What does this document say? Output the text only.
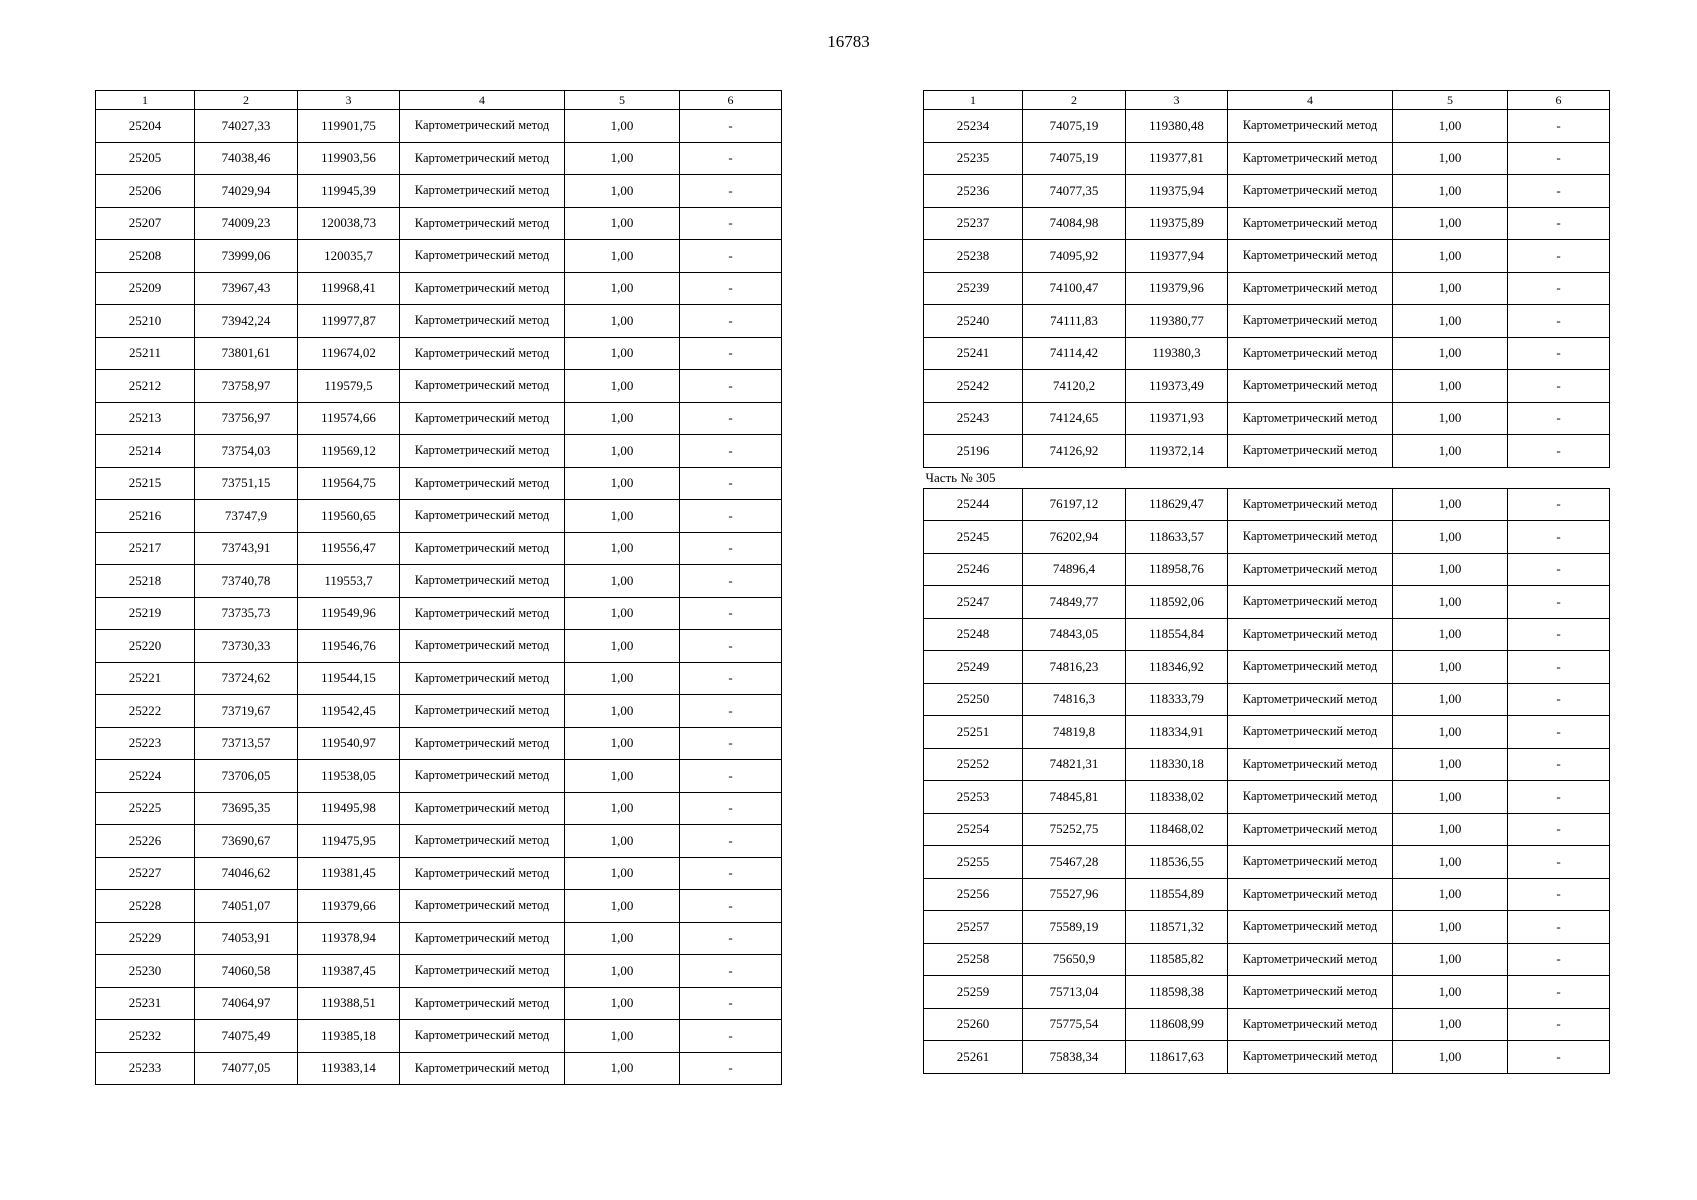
16783
1	2	3	4	5	6
25204	74027,33	119901,75	Картометрический метод	1,00	-
25205	74038,46	119903,56	Картометрический метод	1,00	-
25206	74029,94	119945,39	Картометрический метод	1,00	-
25207	74009,23	120038,73	Картометрический метод	1,00	-
25208	73999,06	120035,7	Картометрический метод	1,00	-
25209	73967,43	119968,41	Картометрический метод	1,00	-
25210	73942,24	119977,87	Картометрический метод	1,00	-
25211	73801,61	119674,02	Картометрический метод	1,00	-
25212	73758,97	119579,5	Картометрический метод	1,00	-
25213	73756,97	119574,66	Картометрический метод	1,00	-
25214	73754,03	119569,12	Картометрический метод	1,00	-
25215	73751,15	119564,75	Картометрический метод	1,00	-
25216	73747,9	119560,65	Картометрический метод	1,00	-
25217	73743,91	119556,47	Картометрический метод	1,00	-
25218	73740,78	119553,7	Картометрический метод	1,00	-
25219	73735,73	119549,96	Картометрический метод	1,00	-
25220	73730,33	119546,76	Картометрический метод	1,00	-
25221	73724,62	119544,15	Картометрический метод	1,00	-
25222	73719,67	119542,45	Картометрический метод	1,00	-
25223	73713,57	119540,97	Картометрический метод	1,00	-
25224	73706,05	119538,05	Картометрический метод	1,00	-
25225	73695,35	119495,98	Картометрический метод	1,00	-
25226	73690,67	119475,95	Картометрический метод	1,00	-
25227	74046,62	119381,45	Картометрический метод	1,00	-
25228	74051,07	119379,66	Картометрический метод	1,00	-
25229	74053,91	119378,94	Картометрический метод	1,00	-
25230	74060,58	119387,45	Картометрический метод	1,00	-
25231	74064,97	119388,51	Картометрический метод	1,00	-
25232	74075,49	119385,18	Картометрический метод	1,00	-
25233	74077,05	119383,14	Картометрический метод	1,00	-
1	2	3	4	5	6
25234	74075,19	119380,48	Картометрический метод	1,00	-
25235	74075,19	119377,81	Картометрический метод	1,00	-
25236	74077,35	119375,94	Картометрический метод	1,00	-
25237	74084,98	119375,89	Картометрический метод	1,00	-
25238	74095,92	119377,94	Картометрический метод	1,00	-
25239	74100,47	119379,96	Картометрический метод	1,00	-
25240	74111,83	119380,77	Картометрический метод	1,00	-
25241	74114,42	119380,3	Картометрический метод	1,00	-
25242	74120,2	119373,49	Картометрический метод	1,00	-
25243	74124,65	119371,93	Картометрический метод	1,00	-
25196	74126,92	119372,14	Картометрический метод	1,00	-
Часть № 305					
25244	76197,12	118629,47	Картометрический метод	1,00	-
25245	76202,94	118633,57	Картометрический метод	1,00	-
25246	74896,4	118958,76	Картометрический метод	1,00	-
25247	74849,77	118592,06	Картометрический метод	1,00	-
25248	74843,05	118554,84	Картометрический метод	1,00	-
25249	74816,23	118346,92	Картометрический метод	1,00	-
25250	74816,3	118333,79	Картометрический метод	1,00	-
25251	74819,8	118334,91	Картометрический метод	1,00	-
25252	74821,31	118330,18	Картометрический метод	1,00	-
25253	74845,81	118338,02	Картометрический метод	1,00	-
25254	75252,75	118468,02	Картометрический метод	1,00	-
25255	75467,28	118536,55	Картометрический метод	1,00	-
25256	75527,96	118554,89	Картометрический метод	1,00	-
25257	75589,19	118571,32	Картометрический метод	1,00	-
25258	75650,9	118585,82	Картометрический метод	1,00	-
25259	75713,04	118598,38	Картометрический метод	1,00	-
25260	75775,54	118608,99	Картометрический метод	1,00	-
25261	75838,34	118617,63	Картометрический метод	1,00	-
